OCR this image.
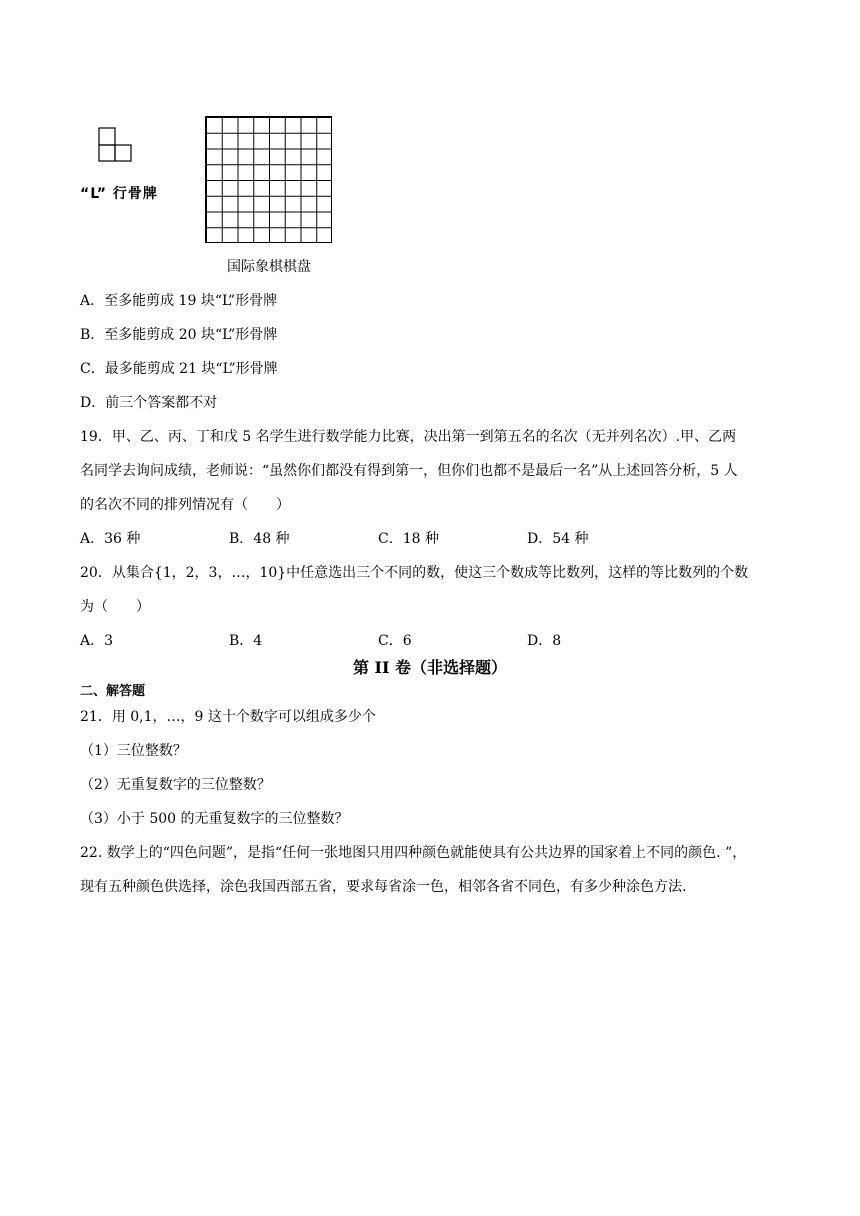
“L” 行骨牌
国际象棋棋盘
A．至多能剪成 19 块“L”形骨牌
B．至多能剪成 20 块“L”形骨牌
C．最多能剪成 21 块“L”形骨牌
D．前三个答案都不对
19．甲、乙、丙、丁和戊 5 名学生进行数学能力比赛，决出第一到第五名的名次（无并列名次）.甲、乙两
名同学去询问成绩，老师说：“虽然你们都没有得到第一，但你们也都不是最后一名”从上述回答分析，5 人
的名次不同的排列情况有（　　）
A．36 种	B．48 种	C．18 种	D．54 种
20．从集合{1，2，3，…，10}中任意选出三个不同的数，使这三个数成等比数列，这样的等比数列的个数
为（　　）
A．3	B．4	C．6	D．8
第 II 卷（非选择题）
二、解答题
21．用 0,1，…，9 这十个数字可以组成多少个
（1）三位整数？
（2）无重复数字的三位整数？
（3）小于 500 的无重复数字的三位整数？
22. 数学上的“四色问题”，是指“任何一张地图只用四种颜色就能使具有公共边界的国家着上不同的颜色. ”，
现有五种颜色供选择，涂色我国西部五省，要求每省涂一色，相邻各省不同色，有多少种涂色方法.
